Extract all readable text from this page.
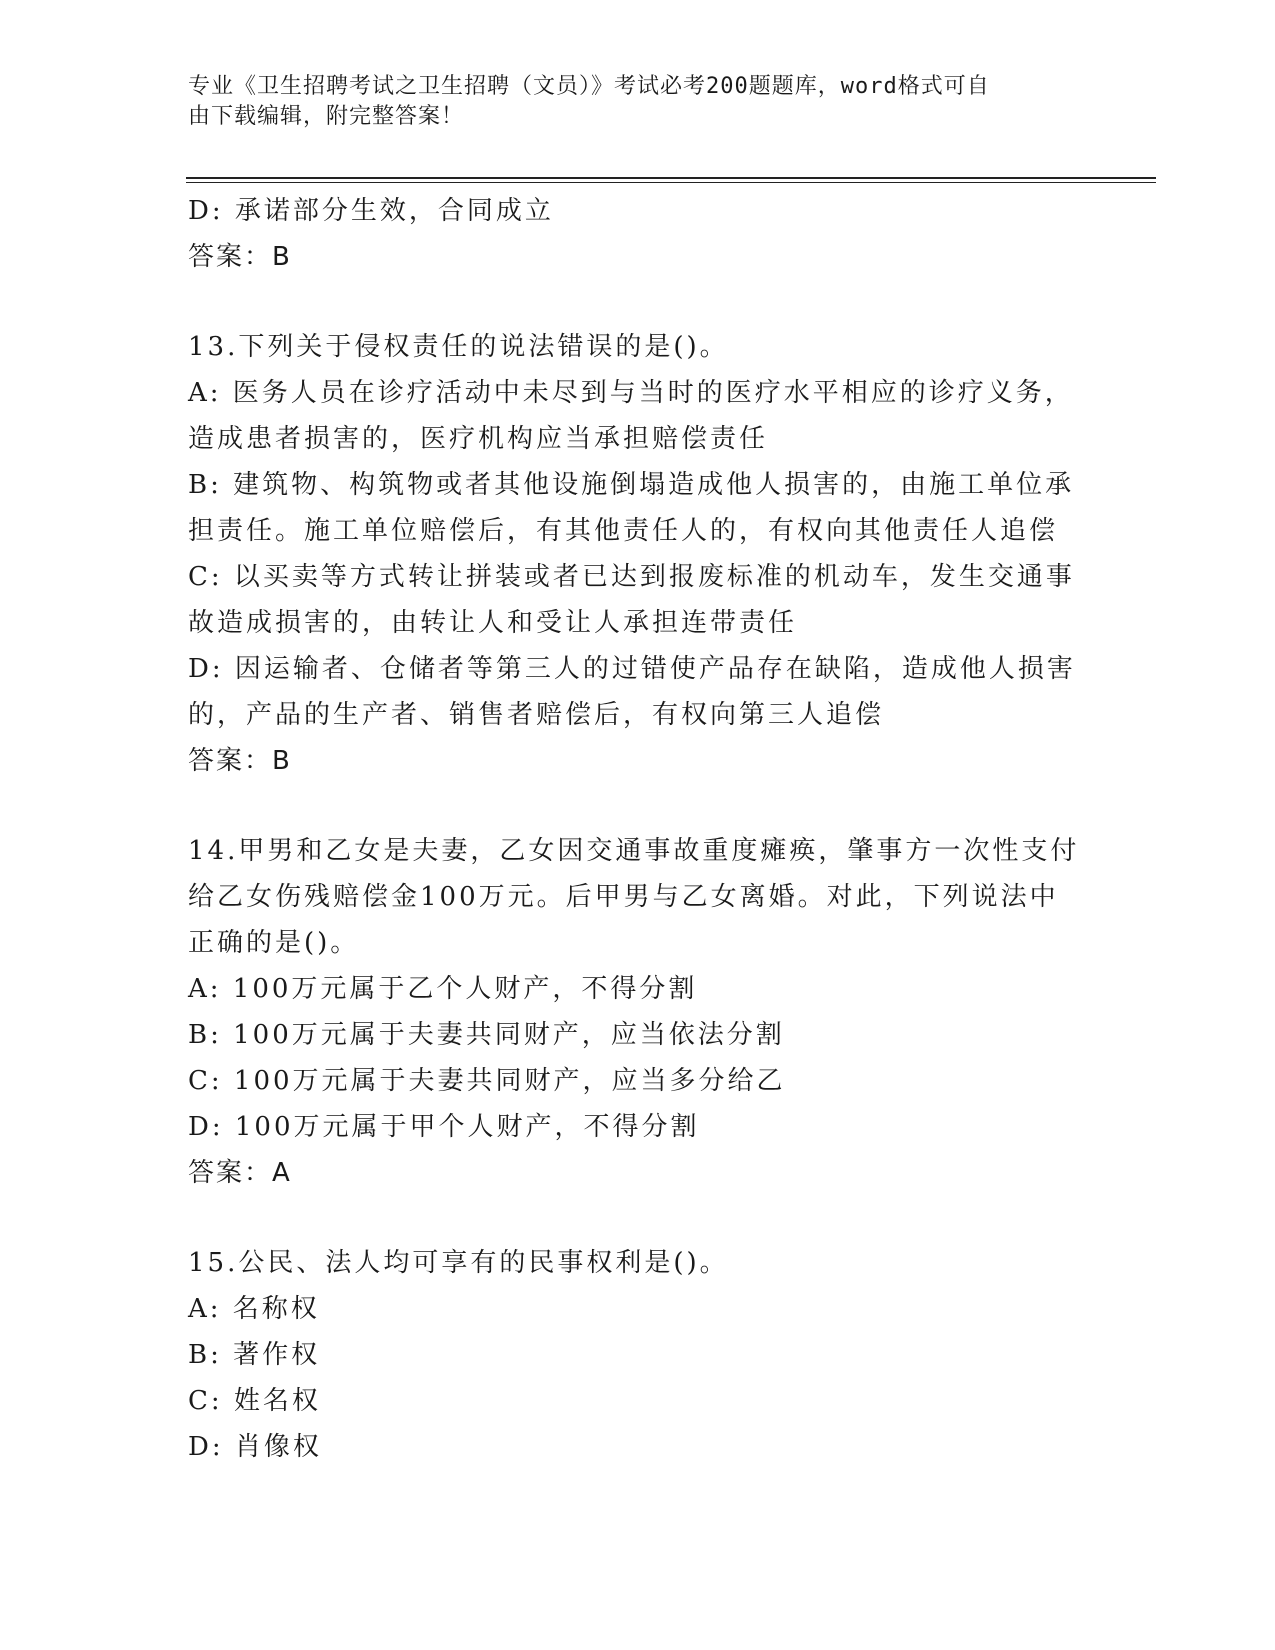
专业《卫生招聘考试之卫生招聘（文员）》考试必考200题题库，word格式可自
由下载编辑，附完整答案！
D: 承诺部分生效，合同成立
答案：B
13.下列关于侵权责任的说法错误的是()。
A: 医务人员在诊疗活动中未尽到与当时的医疗水平相应的诊疗义务，
造成患者损害的，医疗机构应当承担赔偿责任
B: 建筑物、构筑物或者其他设施倒塌造成他人损害的，由施工单位承
担责任。施工单位赔偿后，有其他责任人的，有权向其他责任人追偿
C: 以买卖等方式转让拼装或者已达到报废标准的机动车，发生交通事
故造成损害的，由转让人和受让人承担连带责任
D: 因运输者、仓储者等第三人的过错使产品存在缺陷，造成他人损害
的，产品的生产者、销售者赔偿后，有权向第三人追偿
答案：B
14.甲男和乙女是夫妻，乙女因交通事故重度瘫痪，肇事方一次性支付
给乙女伤残赔偿金100万元。后甲男与乙女离婚。对此，下列说法中
正确的是()。
A: 100万元属于乙个人财产，不得分割
B: 100万元属于夫妻共同财产，应当依法分割
C: 100万元属于夫妻共同财产，应当多分给乙
D: 100万元属于甲个人财产，不得分割
答案：A
15.公民、法人均可享有的民事权利是()。
A: 名称权
B: 著作权
C: 姓名权
D: 肖像权
